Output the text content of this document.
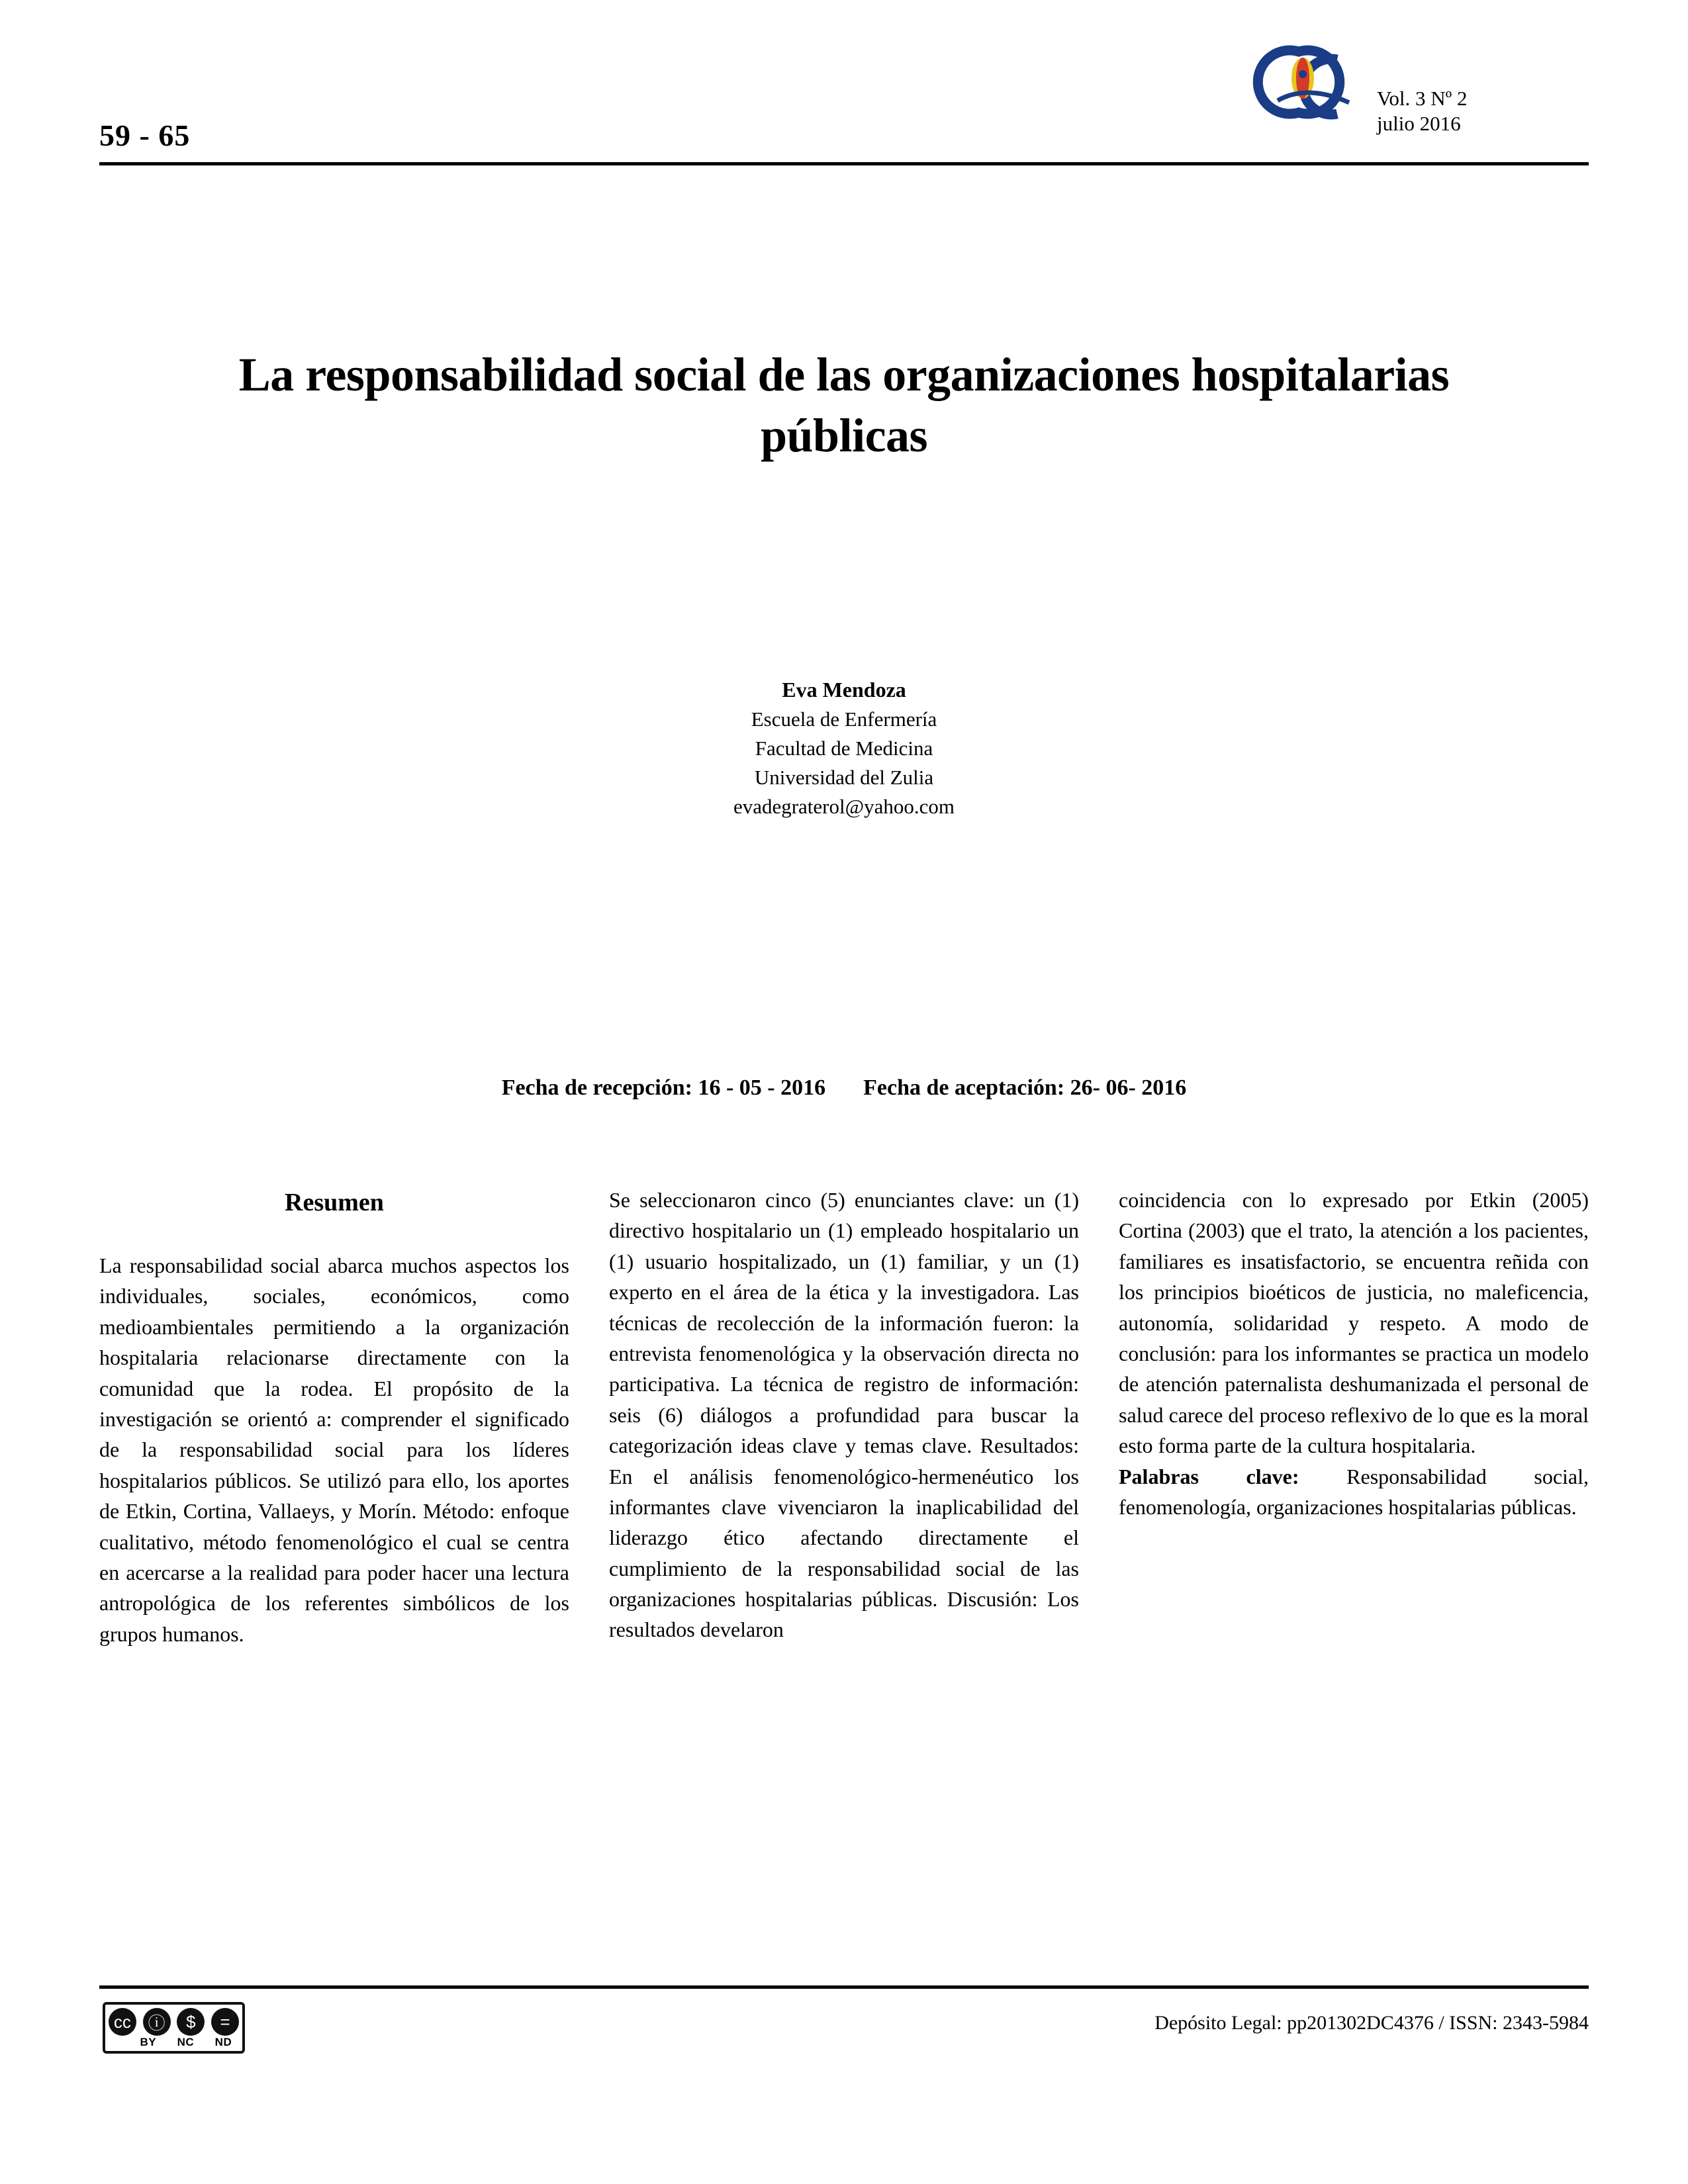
59 - 65
Vol. 3 Nº 2
julio 2016
La responsabilidad social de las organizaciones hospitalarias públicas
Eva Mendoza
Escuela de Enfermería
Facultad de Medicina
Universidad del Zulia
evadegraterol@yahoo.com
Fecha de recepción: 16 - 05 - 2016 Fecha de aceptación: 26- 06- 2016
Resumen

La responsabilidad social abarca muchos aspectos los individuales, sociales, económicos, como medioambientales permitiendo a la organización hospitalaria relacionarse directamente con la comunidad que la rodea. El propósito de la investigación se orientó a: comprender el significado de la responsabilidad social para los líderes hospitalarios públicos. Se utilizó para ello, los aportes de Etkin, Cortina, Vallaeys, y Morín. Método: enfoque cualitativo, método fenomenológico el cual se centra en acercarse a la realidad para poder hacer una lectura antropológica de los referentes simbólicos de los grupos humanos.

Se seleccionaron cinco (5) enunciantes clave: un (1) directivo hospitalario un (1) empleado hospitalario un (1) usuario hospitalizado, un (1) familiar, y un (1) experto en el área de la ética y la investigadora. Las técnicas de recolección de la información fueron: la entrevista fenomenológica y la observación directa no participativa. La técnica de registro de información: seis (6) diálogos a profundidad para buscar la categorización ideas clave y temas clave. Resultados: En el análisis fenomenológico-hermenéutico los informantes clave vivenciaron la inaplicabilidad del liderazgo ético afectando directamente el cumplimiento de la responsabilidad social de las organizaciones hospitalarias públicas. Discusión: Los resultados develaron

coincidencia con lo expresado por Etkin (2005) Cortina (2003) que el trato, la atención a los pacientes, familiares es insatisfactorio, se encuentra reñida con los principios bioéticos de justicia, no maleficencia, autonomía, solidaridad y respeto. A modo de conclusión: para los informantes se practica un modelo de atención paternalista deshumanizada el personal de salud carece del proceso reflexivo de lo que es la moral esto forma parte de la cultura hospitalaria.

Palabras clave: Responsabilidad social, fenomenología, organizaciones hospitalarias públicas.

cc ⓘ	$	=

BY NC ND
Depósito Legal: pp201302DC4376 / ISSN: 2343-5984
